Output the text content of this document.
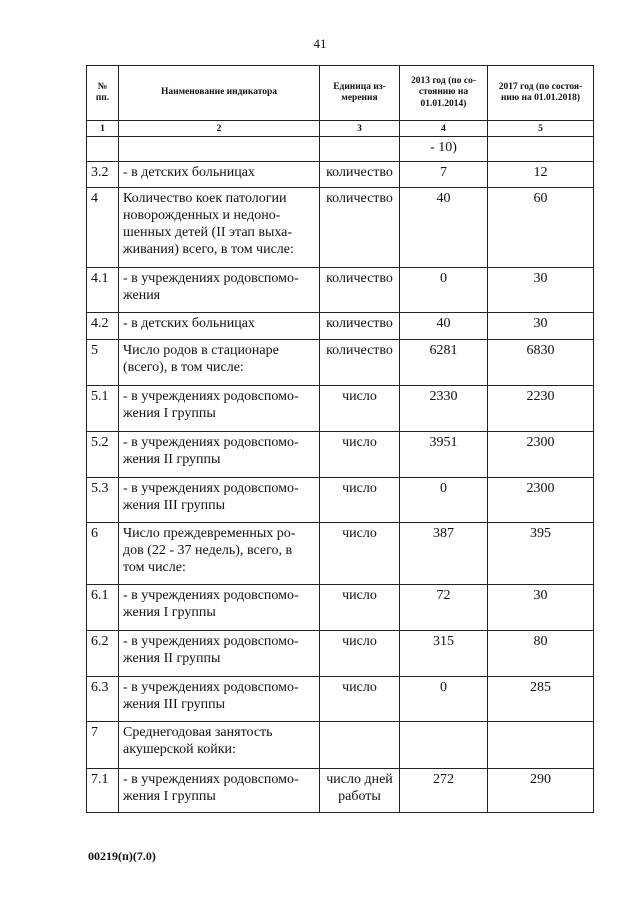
41
№ пп.	Наименование индикатора	Единица из-мерения	2013 год (по со-стоянию на 01.01.2014)	2017 год (по состоя-нию на 01.01.2018)
1	2	3	4	5
			- 10)	
3.2	- в детских больницах	количество	7	12
4	Количество коек патологии новорожденных и недоно-шенных детей (II этап выха-живания) всего, в том числе:	количество	40	60
4.1	- в учреждениях родовспомо-жения	количество	0	30
4.2	- в детских больницах	количество	40	30
5	Число родов в стационаре (всего), в том числе:	количество	6281	6830
5.1	- в учреждениях родовспомо-жения I группы	число	2330	2230
5.2	- в учреждениях родовспомо-жения II группы	число	3951	2300
5.3	- в учреждениях родовспомо-жения III группы	число	0	2300
6	Число преждевременных ро-дов (22 - 37 недель), всего, в том числе:	число	387	395
6.1	- в учреждениях родовспомо-жения I группы	число	72	30
6.2	- в учреждениях родовспомо-жения II группы	число	315	80
6.3	- в учреждениях родовспомо-жения III группы	число	0	285
7	Среднегодовая занятость акушерской койки:			
7.1	- в учреждениях родовспомо-жения I группы	число дней работы	272	290
00219(п)(7.0)
